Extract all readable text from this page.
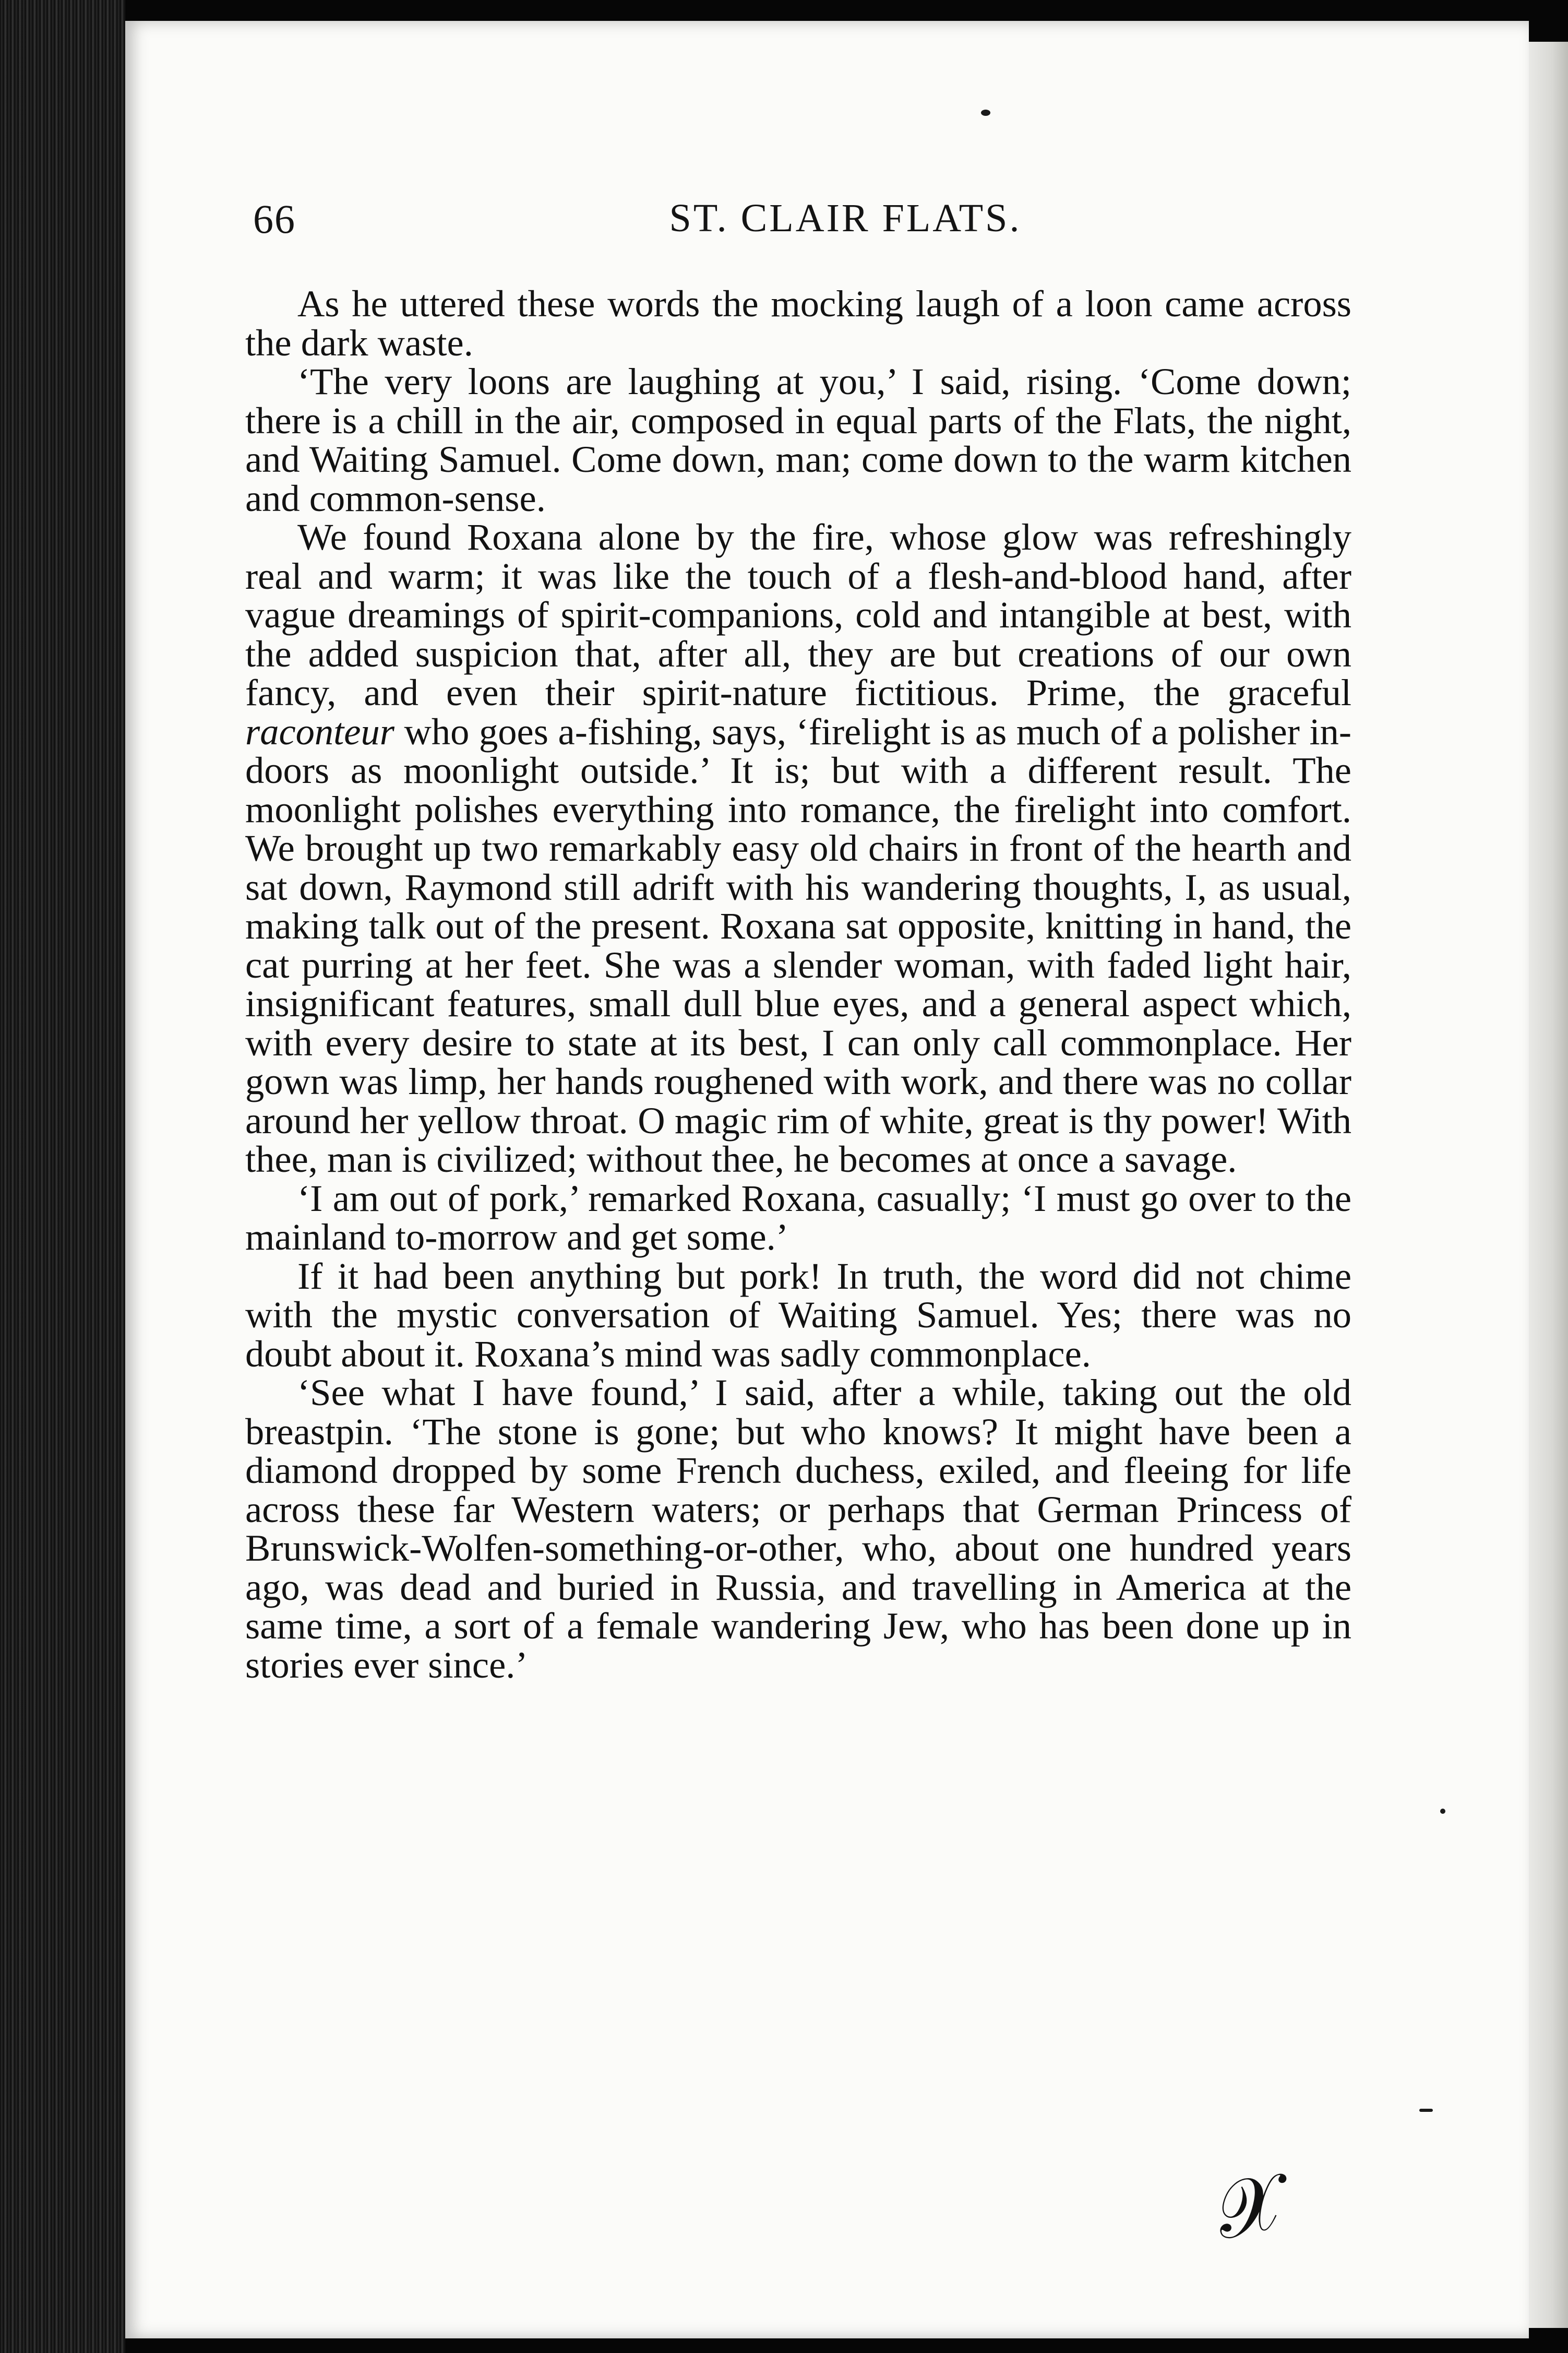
66	ST. CLAIR FLATS.

As he uttered these words the mocking laugh of a loon came across the dark waste.

‘The very loons are laughing at you,’ I said, rising. ‘Come down; there is a chill in the air, composed in equal parts of the Flats, the night, and Waiting Samuel. Come down, man; come down to the warm kitchen and common-sense.

We found Roxana alone by the fire, whose glow was refreshingly real and warm; it was like the touch of a flesh-and-blood hand, after vague dreamings of spirit-companions, cold and intangible at best, with the added suspicion that, after all, they are but creations of our own fancy, and even their spirit-nature fictitious. Prime, the graceful raconteur who goes a-fishing, says, ‘firelight is as much of a polisher in-doors as moonlight outside.’ It is; but with a different result. The moonlight polishes everything into romance, the firelight into comfort. We brought up two remarkably easy old chairs in front of the hearth and sat down, Raymond still adrift with his wandering thoughts, I, as usual, making talk out of the present. Roxana sat opposite, knitting in hand, the cat purring at her feet. She was a slender woman, with faded light hair, insignificant features, small dull blue eyes, and a general aspect which, with every desire to state at its best, I can only call commonplace. Her gown was limp, her hands roughened with work, and there was no collar around her yellow throat. O magic rim of white, great is thy power! With thee, man is civilized; without thee, he becomes at once a savage.

‘I am out of pork,’ remarked Roxana, casually; ‘I must go over to the mainland to-morrow and get some.’

If it had been anything but pork! In truth, the word did not chime with the mystic conversation of Waiting Samuel. Yes; there was no doubt about it. Roxana’s mind was sadly commonplace.

‘See what I have found,’ I said, after a while, taking out the old breastpin. ‘The stone is gone; but who knows? It might have been a diamond dropped by some French duchess, exiled, and fleeing for life across these far Western waters; or perhaps that German Princess of Brunswick-Wolfen-something-or-other, who, about one hundred years ago, was dead and buried in Russia, and travelling in America at the same time, a sort of a female wandering Jew, who has been done up in stories ever since.’

𝒳
